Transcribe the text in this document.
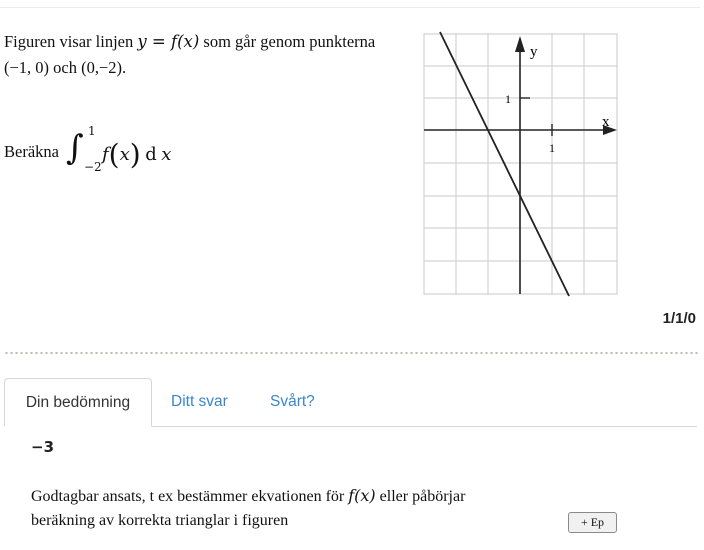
Figuren visar linjen y = f(x) som går genom punkterna
(−1, 0) och (0,−2).
Beräkna ∫ 1
−2
f(x) d x
y
x
1
1
1/1/0
Din bedömning	Ditt svar	Svårt?
−3
Godtagbar ansats, t ex bestämmer ekvationen för f(x) eller påbörjar
beräkning av korrekta trianglar i figuren	+ Ep
